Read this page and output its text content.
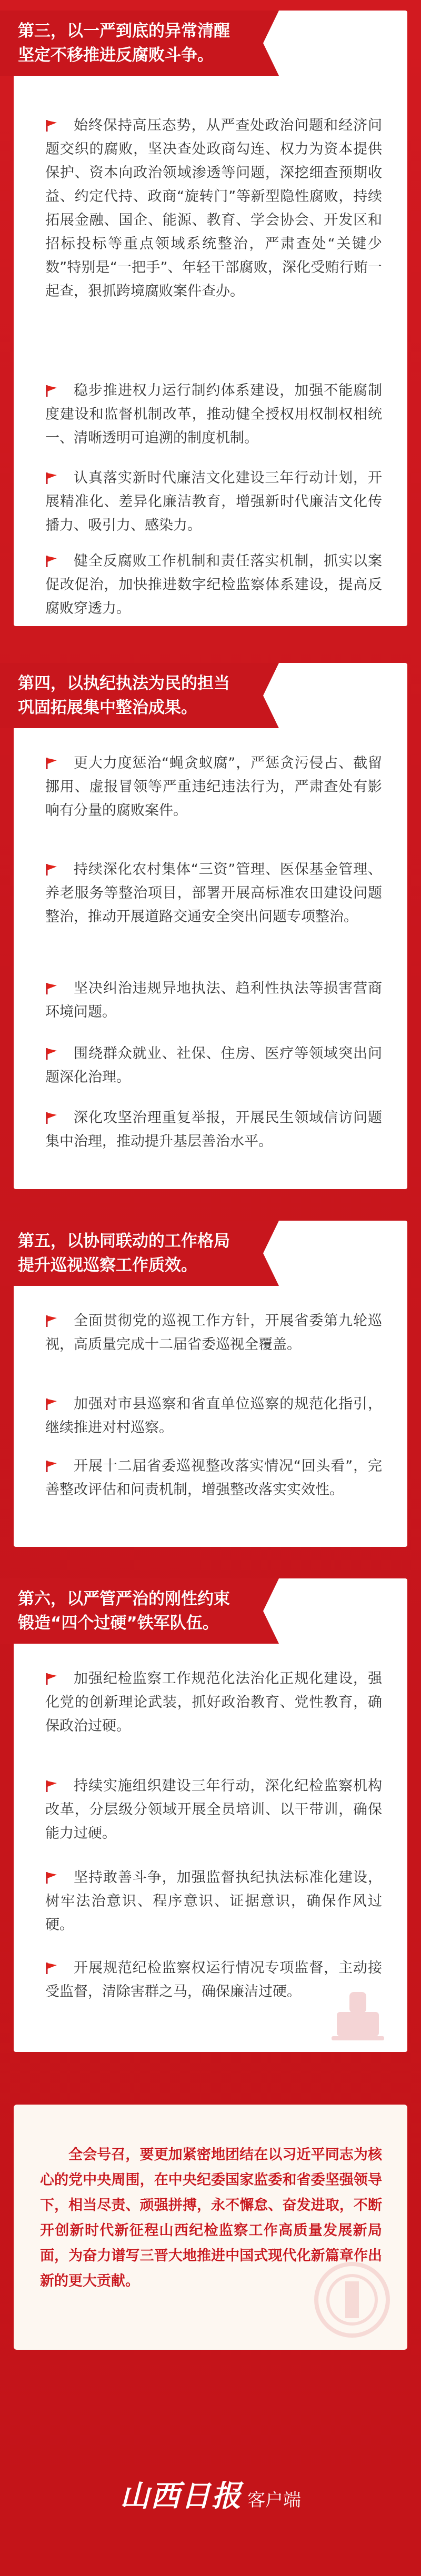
第三，以一严到底的异常清醒
坚定不移推进反腐败斗争。
始终保持高压态势，从严查处政治问题和经济问题交织的腐败，坚决查处政商勾连、权力为资本提供保护、资本向政治领域渗透等问题，深挖细查预期收益、约定代持、政商“旋转门”等新型隐性腐败，持续拓展金融、国企、能源、教育、学会协会、开发区和招标投标等重点领域系统整治，严肃查处“关键少数”特别是“一把手”、年轻干部腐败，深化受贿行贿一起查，狠抓跨境腐败案件查办。
稳步推进权力运行制约体系建设，加强不能腐制度建设和监督机制改革，推动健全授权用权制权相统一、清晰透明可追溯的制度机制。
认真落实新时代廉洁文化建设三年行动计划，开展精准化、差异化廉洁教育，增强新时代廉洁文化传播力、吸引力、感染力。
健全反腐败工作机制和责任落实机制，抓实以案促改促治，加快推进数字纪检监察体系建设，提高反腐败穿透力。
第四，以执纪执法为民的担当
巩固拓展集中整治成果。
更大力度惩治“蝇贪蚁腐”，严惩贪污侵占、截留挪用、虚报冒领等严重违纪违法行为，严肃查处有影响有分量的腐败案件。
持续深化农村集体“三资”管理、医保基金管理、养老服务等整治项目，部署开展高标准农田建设问题整治，推动开展道路交通安全突出问题专项整治。
坚决纠治违规异地执法、趋利性执法等损害营商环境问题。
围绕群众就业、社保、住房、医疗等领域突出问题深化治理。
深化攻坚治理重复举报，开展民生领域信访问题集中治理，推动提升基层善治水平。
第五，以协同联动的工作格局
提升巡视巡察工作质效。
全面贯彻党的巡视工作方针，开展省委第九轮巡视，高质量完成十二届省委巡视全覆盖。
加强对市县巡察和省直单位巡察的规范化指引，继续推进对村巡察。
开展十二届省委巡视整改落实情况“回头看”，完善整改评估和问责机制，增强整改落实实效性。
第六，以严管严治的刚性约束
锻造“四个过硬”铁军队伍。
加强纪检监察工作规范化法治化正规化建设，强化党的创新理论武装，抓好政治教育、党性教育，确保政治过硬。
持续实施组织建设三年行动，深化纪检监察机构改革，分层级分领域开展全员培训、以干带训，确保能力过硬。
坚持敢善斗争，加强监督执纪执法标准化建设，树牢法治意识、程序意识、证据意识，确保作风过硬。
开展规范纪检监察权运行情况专项监督，主动接受监督，清除害群之马，确保廉洁过硬。
全会号召，要更加紧密地团结在以习近平同志为核心的党中央周围，在中央纪委国家监委和省委坚强领导下，相当尽责、顽强拼搏，永不懈怠、奋发进取，不断开创新时代新征程山西纪检监察工作高质量发展新局面，为奋力谱写三晋大地推进中国式现代化新篇章作出新的更大贡献。
山西日报 客户端
